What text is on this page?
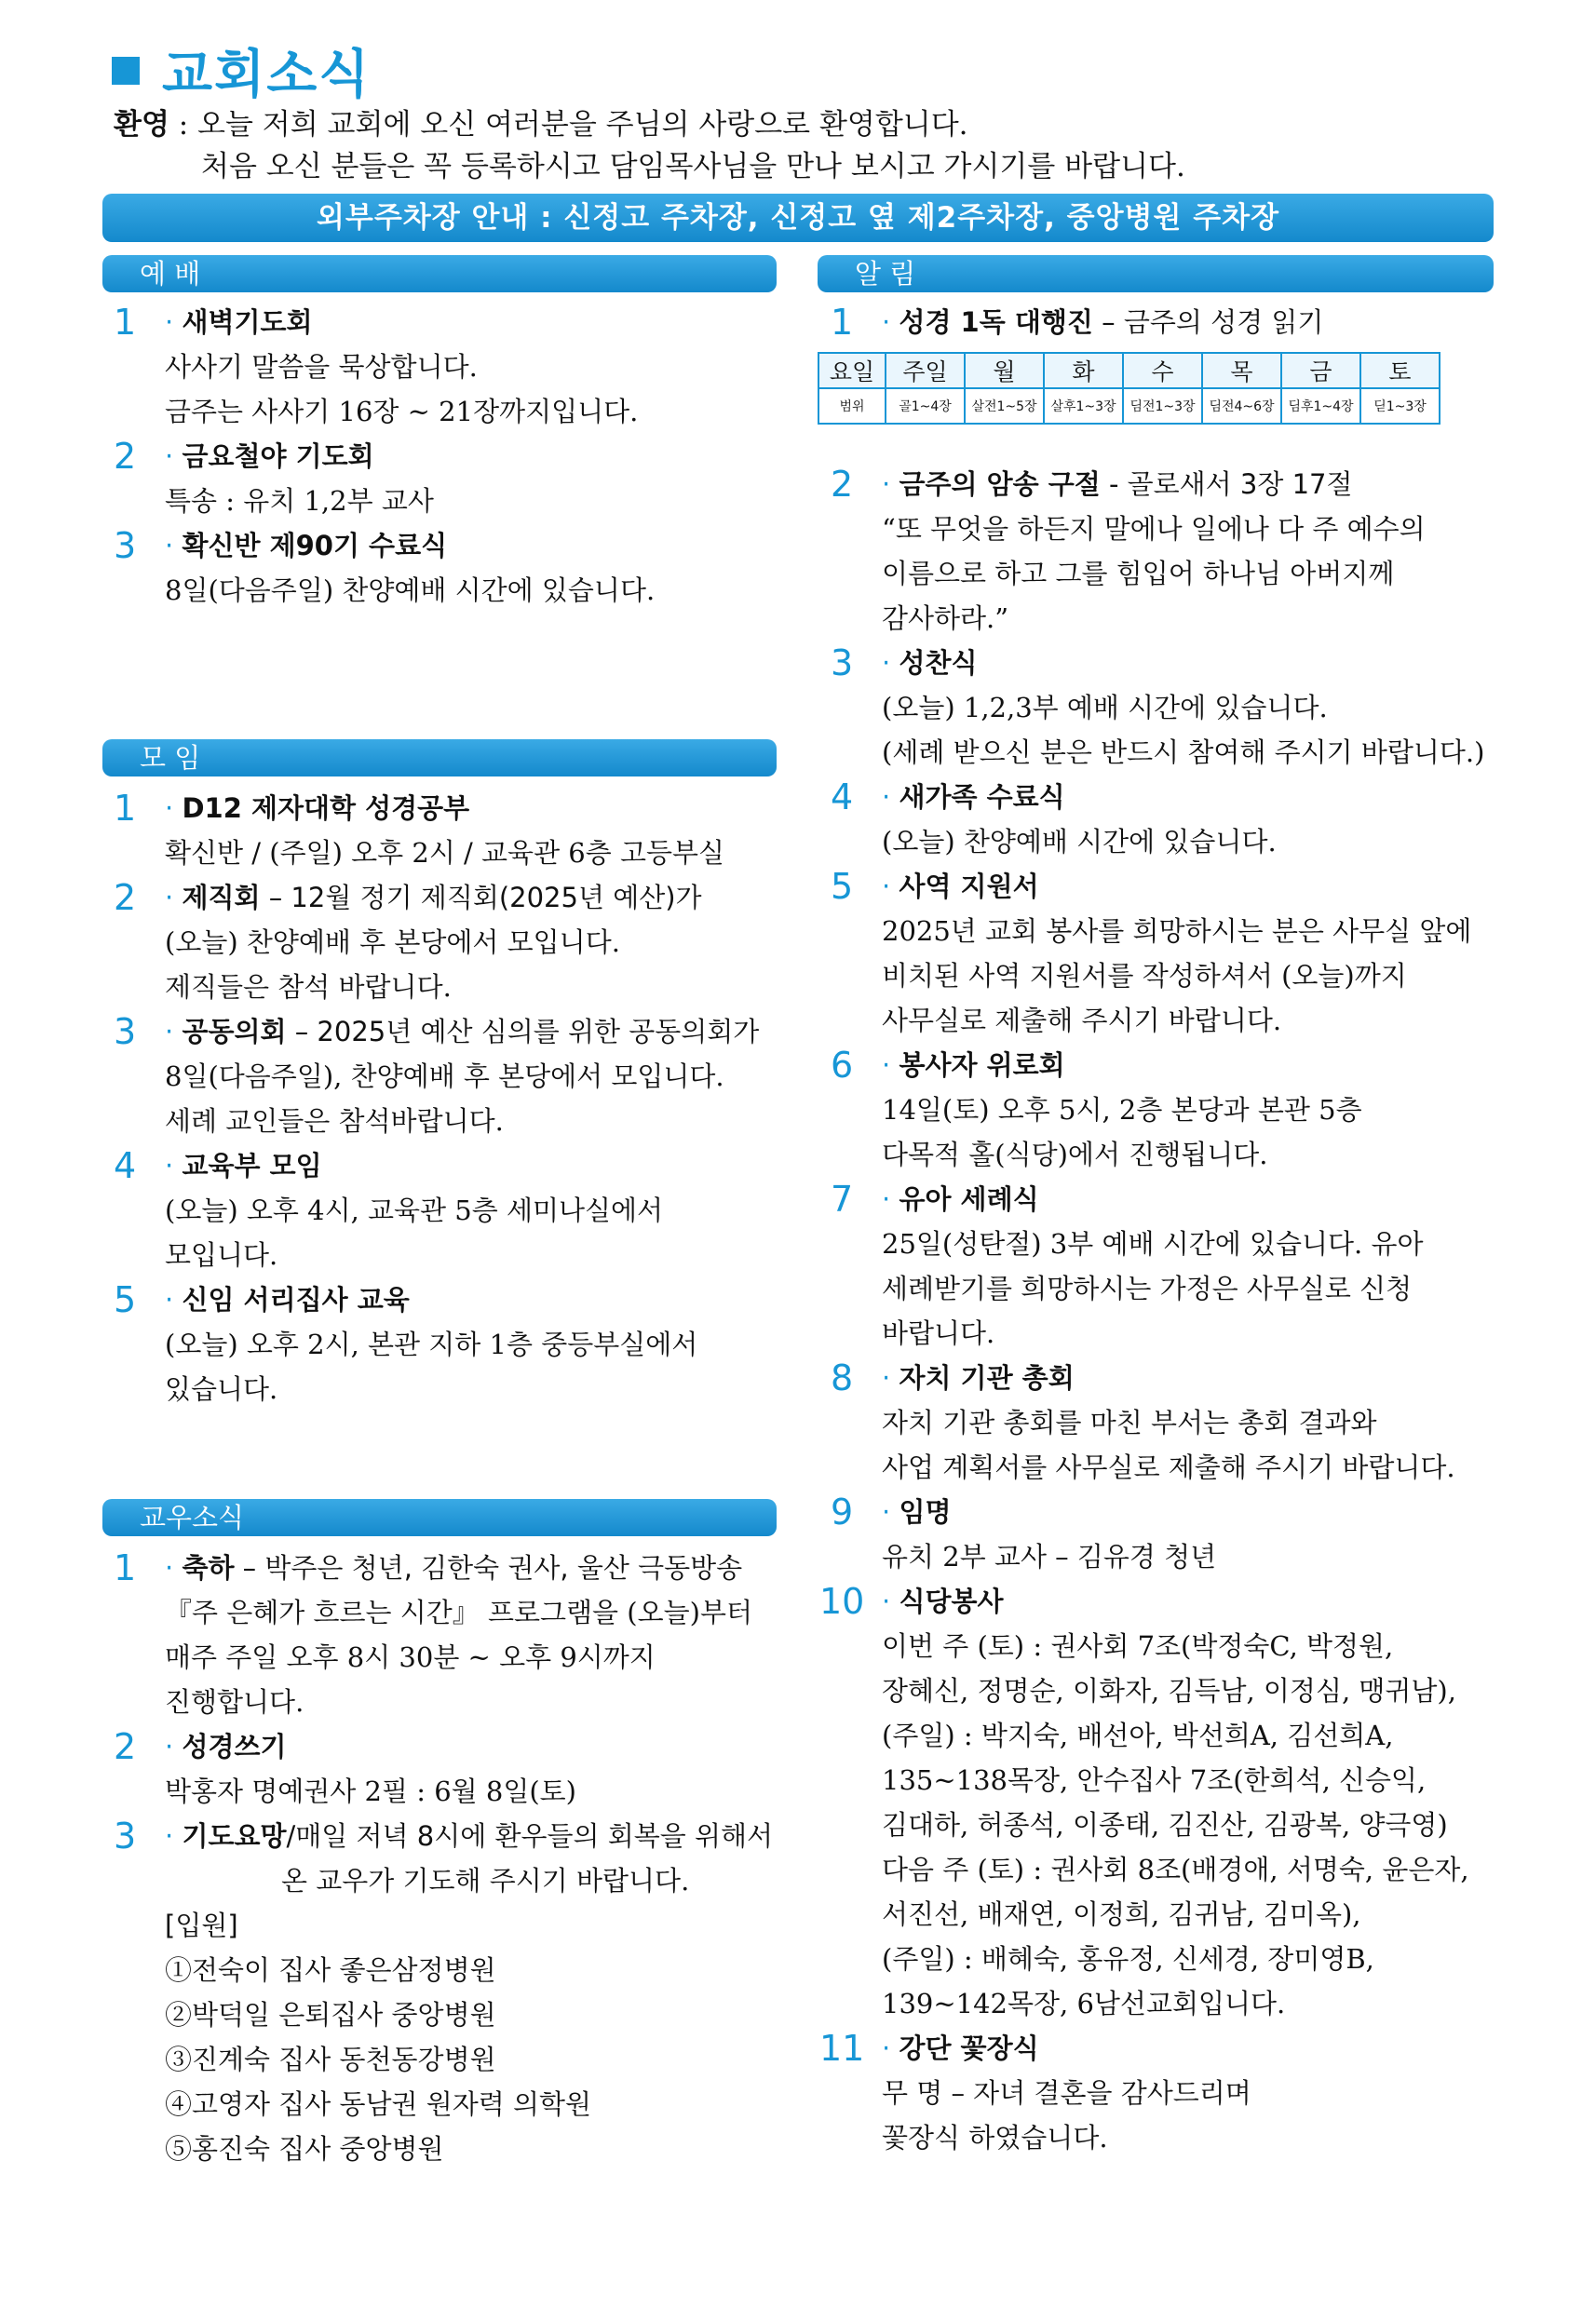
교회소식
환영 : 오늘 저희 교회에 오신 여러분을 주님의 사랑으로 환영합니다.
처음 오신 분들은 꼭 등록하시고 담임목사님을 만나 보시고 가시기를 바랍니다.
외부주차장 안내 : 신정고 주차장, 신정고 옆 제2주차장, 중앙병원 주차장
예 배
모 임
교우소식
알 림
1 · 새벽기도회
사사기 말씀을 묵상합니다.
금주는 사사기 16장 ~ 21장까지입니다.
2 · 금요철야 기도회
특송 : 유치 1,2부 교사
3 · 확신반 제90기 수료식
8일(다음주일) 찬양예배 시간에 있습니다.
1 · D12 제자대학 성경공부
확신반 / (주일) 오후 2시 / 교육관 6층 고등부실
2 · 제직회 – 12월 정기 제직회(2025년 예산)가
(오늘) 찬양예배 후 본당에서 모입니다.
제직들은 참석 바랍니다.
3 · 공동의회 – 2025년 예산 심의를 위한 공동의회가
8일(다음주일), 찬양예배 후 본당에서 모입니다.
세례 교인들은 참석바랍니다.
4 · 교육부 모임
(오늘) 오후 4시, 교육관 5층 세미나실에서
모입니다.
5 · 신임 서리집사 교육
(오늘) 오후 2시, 본관 지하 1층 중등부실에서
있습니다.
1 · 축하 – 박주은 청년, 김한숙 권사, 울산 극동방송
『주 은혜가 흐르는 시간』 프로그램을 (오늘)부터
매주 주일 오후 8시 30분 ~ 오후 9시까지
진행합니다.
2 · 성경쓰기
박홍자 명예권사 2필 : 6월 8일(토)
3 · 기도요망/매일 저녁 8시에 환우들의 회복을 위해서
온 교우가 기도해 주시기 바랍니다.
[입원]
①전숙이 집사 좋은삼정병원
②박덕일 은퇴집사 중앙병원
③진계숙 집사 동천동강병원
④고영자 집사 동남권 원자력 의학원
⑤홍진숙 집사 중앙병원
1 · 성경 1독 대행진 – 금주의 성경 읽기
요일	주일	월	화	수	목	금	토
범위	골1~4장	살전1~5장	살후1~3장	딤전1~3장	딤전4~6장	딤후1~4장	딛1~3장
2 · 금주의 암송 구절 - 골로새서 3장 17절
“또 무엇을 하든지 말에나 일에나 다 주 예수의
이름으로 하고 그를 힘입어 하나님 아버지께
감사하라.”
3 · 성찬식
(오늘) 1,2,3부 예배 시간에 있습니다.
(세례 받으신 분은 반드시 참여해 주시기 바랍니다.)
4 · 새가족 수료식
(오늘) 찬양예배 시간에 있습니다.
5 · 사역 지원서
2025년 교회 봉사를 희망하시는 분은 사무실 앞에
비치된 사역 지원서를 작성하셔서 (오늘)까지
사무실로 제출해 주시기 바랍니다.
6 · 봉사자 위로회
14일(토) 오후 5시, 2층 본당과 본관 5층
다목적 홀(식당)에서 진행됩니다.
7 · 유아 세례식
25일(성탄절) 3부 예배 시간에 있습니다. 유아
세례받기를 희망하시는 가정은 사무실로 신청
바랍니다.
8 · 자치 기관 총회
자치 기관 총회를 마친 부서는 총회 결과와
사업 계획서를 사무실로 제출해 주시기 바랍니다.
9 · 임명
유치 2부 교사 – 김유경 청년
10 · 식당봉사
이번 주 (토) : 권사회 7조(박정숙C, 박정원,
장혜신, 정명순, 이화자, 김득남, 이정심, 맹귀남),
(주일) : 박지숙, 배선아, 박선희A, 김선희A,
135~138목장, 안수집사 7조(한희석, 신승익,
김대하, 허종석, 이종태, 김진산, 김광복, 양극영)
다음 주 (토) : 권사회 8조(배경애, 서명숙, 윤은자,
서진선, 배재연, 이정희, 김귀남, 김미옥),
(주일) : 배혜숙, 홍유정, 신세경, 장미영B,
139~142목장, 6남선교회입니다.
11 · 강단 꽃장식
무 명 – 자녀 결혼을 감사드리며
꽃장식 하였습니다.
